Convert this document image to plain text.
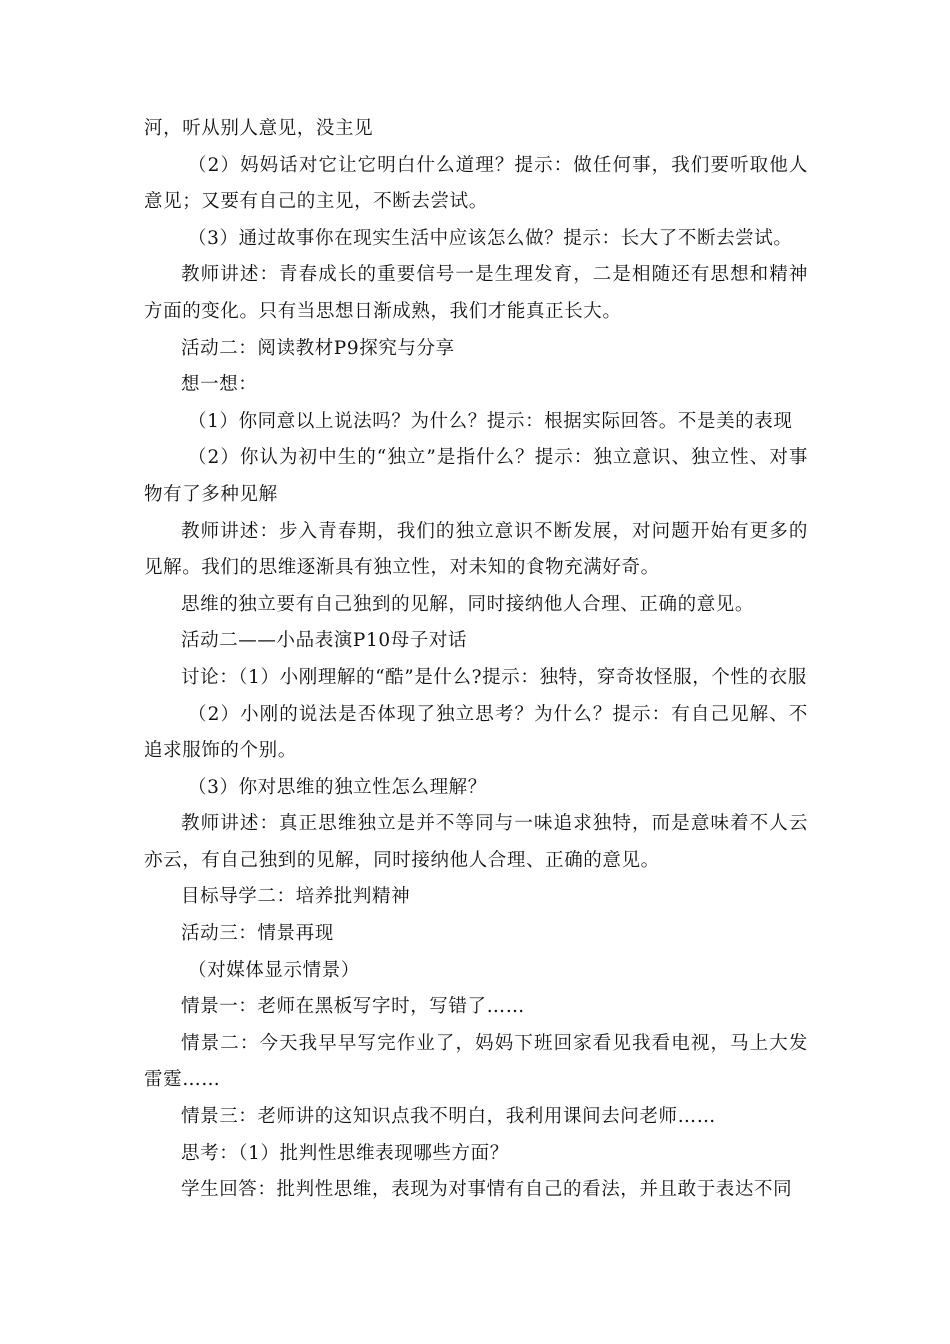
河，听从别人意见，没主见

（2）妈妈话对它让它明白什么道理？提示：做任何事，我们要听取他人意见；又要有自己的主见，不断去尝试。

（3）通过故事你在现实生活中应该怎么做？提示：长大了不断去尝试。

教师讲述：青春成长的重要信号一是生理发育，二是相随还有思想和精神方面的变化。只有当思想日渐成熟，我们才能真正长大。

活动二：阅读教材P9探究与分享

想一想：

（1）你同意以上说法吗？为什么？提示：根据实际回答。不是美的表现

（2）你认为初中生的“独立”是指什么？提示：独立意识、独立性、对事物有了多种见解

教师讲述：步入青春期，我们的独立意识不断发展，对问题开始有更多的见解。我们的思维逐渐具有独立性，对未知的食物充满好奇。

思维的独立要有自己独到的见解，同时接纳他人合理、正确的意见。

活动二——小品表演P10母子对话

讨论：（1）小刚理解的“酷”是什么?提示：独特，穿奇妆怪服，个性的衣服

（2）小刚的说法是否体现了独立思考？为什么？提示：有自己见解、不追求服饰的个别。

（3）你对思维的独立性怎么理解？

教师讲述：真正思维独立是并不等同与一味追求独特，而是意味着不人云亦云，有自己独到的见解，同时接纳他人合理、正确的意见。

目标导学二：培养批判精神

活动三：情景再现

（对媒体显示情景）

情景一：老师在黑板写字时，写错了……

情景二：今天我早早写完作业了，妈妈下班回家看见我看电视，马上大发雷霆……

情景三：老师讲的这知识点我不明白，我利用课间去问老师……

思考：（1）批判性思维表现哪些方面？

学生回答：批判性思维，表现为对事情有自己的看法，并且敢于表达不同
